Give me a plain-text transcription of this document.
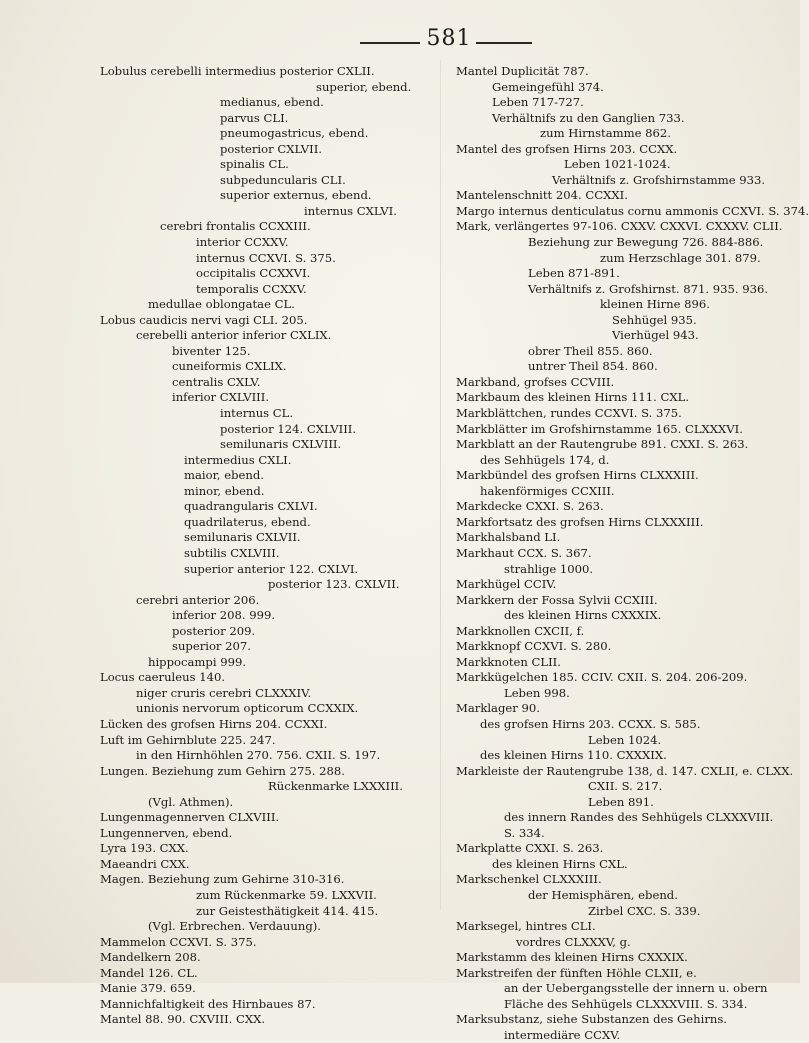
581
Lobulus cerebelli intermedius posterior CXLII.
superior, ebend.
medianus, ebend.
parvus CLI.
pneumogastricus, ebend.
posterior CXLVII.
spinalis CL.
subpeduncularis CLI.
superior externus, ebend.
internus CXLVI.
cerebri frontalis CCXXIII.
interior CCXXV.
internus CCXVI. S. 375.
occipitalis CCXXVI.
temporalis CCXXV.
medullae oblongatae CL.
Lobus caudicis nervi vagi CLI. 205.
cerebelli anterior inferior CXLIX.
biventer 125.
cuneiformis CXLIX.
centralis CXLV.
inferior CXLVIII.
internus CL.
posterior 124. CXLVIII.
semilunaris CXLVIII.
intermedius CXLI.
maior, ebend.
minor, ebend.
quadrangularis CXLVI.
quadrilaterus, ebend.
semilunaris CXLVII.
subtilis CXLVIII.
superior anterior 122. CXLVI.
posterior 123. CXLVII.
cerebri anterior 206.
inferior 208. 999.
posterior 209.
superior 207.
hippocampi 999.
Locus caeruleus 140.
niger cruris cerebri CLXXXIV.
unionis nervorum opticorum CCXXIX.
Lücken des grofsen Hirns 204. CCXXI.
Luft im Gehirnblute 225. 247.
in den Hirnhöhlen 270. 756. CXII. S. 197.
Lungen. Beziehung zum Gehirn 275. 288.
Rückenmarke LXXXIII.
(Vgl. Athmen).
Lungenmagennerven CLXVIII.
Lungennerven, ebend.
Lyra 193. CXX.
Maeandri CXX.
Magen. Beziehung zum Gehirne 310-316.
zum Rückenmarke 59. LXXVII.
zur Geistesthätigkeit 414. 415.
(Vgl. Erbrechen. Verdauung).
Mammelon CCXVI. S. 375.
Mandelkern 208.
Mandel 126. CL.
Manie 379. 659.
Mannichfaltigkeit des Hirnbaues 87.
Mantel 88. 90. CXVIII. CXX.
Mantel Duplicität 787.
Gemeingefühl 374.
Leben 717-727.
Verhältnifs zu den Ganglien 733.
zum Hirnstamme 862.
Mantel des grofsen Hirns 203. CCXX.
Leben 1021-1024.
Verhältnifs z. Grofshirnstamme 933.
Mantelenschnitt 204. CCXXI.
Margo internus denticulatus cornu ammonis CCXVI. S. 374.
Mark, verlängertes 97-106. CXXV. CXXVI. CXXXV. CLII.
Beziehung zur Bewegung 726. 884-886.
zum Herzschlage 301. 879.
Leben 871-891.
Verhältnifs z. Grofshirnst. 871. 935. 936.
kleinen Hirne 896.
Sehhügel 935.
Vierhügel 943.
obrer Theil 855. 860.
untrer Theil 854. 860.
Markband, grofses CCVIII.
Markbaum des kleinen Hirns 111. CXL.
Markblättchen, rundes CCXVI. S. 375.
Markblätter im Grofshirnstamme 165. CLXXXVI.
Markblatt an der Rautengrube 891. CXXI. S. 263.
des Sehhügels 174, d.
Markbündel des grofsen Hirns CLXXXIII.
hakenförmiges CCXIII.
Markdecke CXXI. S. 263.
Markfortsatz des grofsen Hirns CLXXXIII.
Markhalsband LI.
Markhaut CCX. S. 367.
strahlige 1000.
Markhügel CCIV.
Markkern der Fossa Sylvii CCXIII.
des kleinen Hirns CXXXIX.
Markknollen CXCII, f.
Markknopf CCXVI. S. 280.
Markknoten CLII.
Markkügelchen 185. CCIV. CXII. S. 204. 206-209.
Leben 998.
Marklager 90.
des grofsen Hirns 203. CCXX. S. 585.
Leben 1024.
des kleinen Hirns 110. CXXXIX.
Markleiste der Rautengrube 138, d. 147. CXLII, e. CLXX.
CXII. S. 217.
Leben 891.
des innern Randes des Sehhügels CLXXXVIII.
S. 334.
Markplatte CXXI. S. 263.
des kleinen Hirns CXL.
Markschenkel CLXXXIII.
der Hemisphären, ebend.
Zirbel CXC. S. 339.
Marksegel, hintres CLI.
vordres CLXXXV, g.
Markstamm des kleinen Hirns CXXXIX.
Markstreifen der fünften Höhle CLXII, e.
an der Uebergangsstelle der innern u. obern
Fläche des Sehhügels CLXXXVIII. S. 334.
Marksubstanz, siehe Substanzen des Gehirns.
intermediäre CCXV.
